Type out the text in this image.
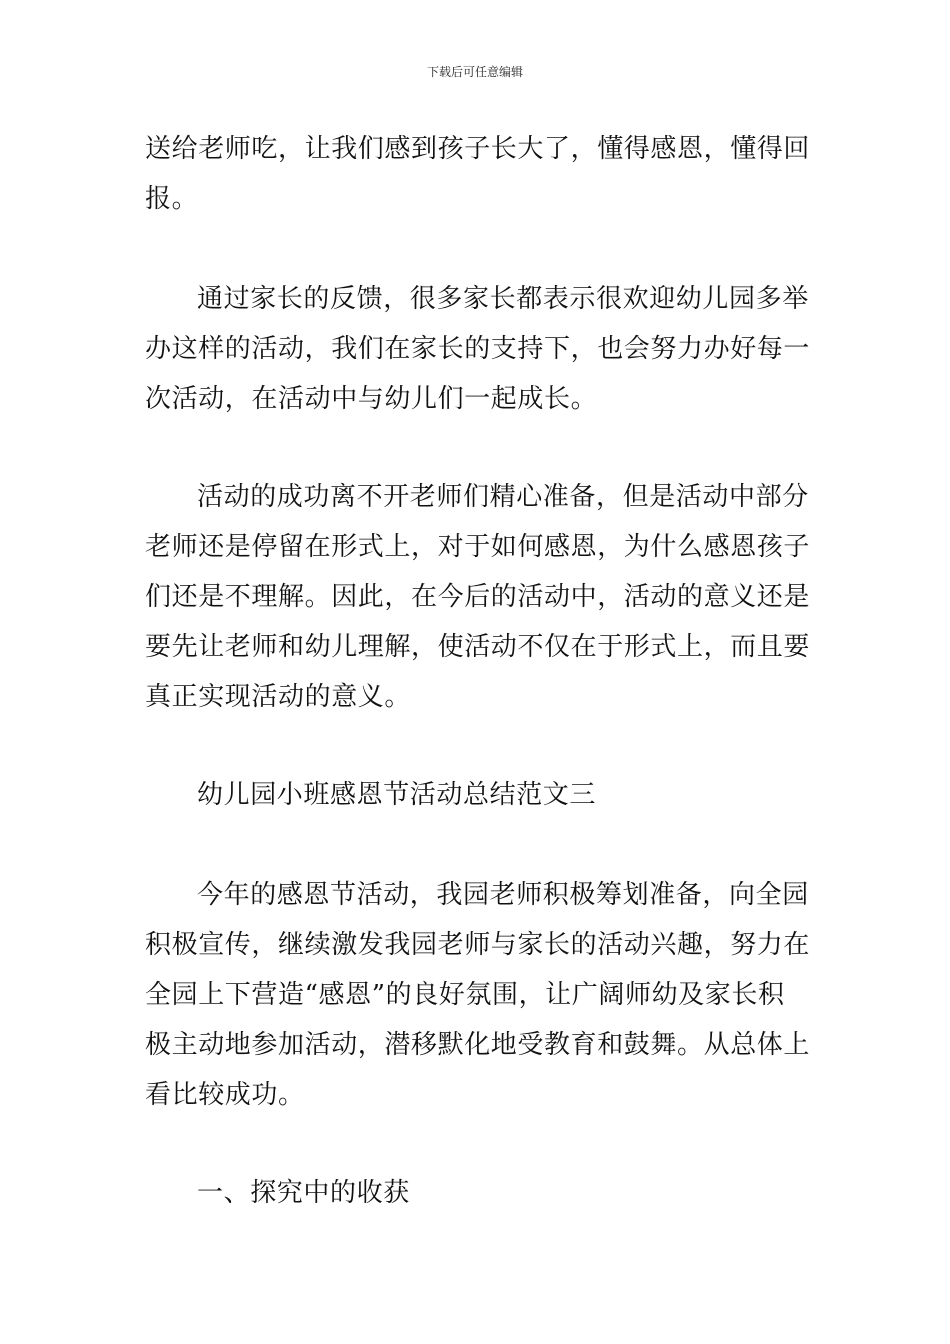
下载后可任意编辑
送给老师吃，让我们感到孩子长大了，懂得感恩，懂得回
报。
通过家长的反馈，很多家长都表示很欢迎幼儿园多举
办这样的活动，我们在家长的支持下，也会努力办好每一
次活动，在活动中与幼儿们一起成长。
活动的成功离不开老师们精心准备，但是活动中部分
老师还是停留在形式上，对于如何感恩，为什么感恩孩子
们还是不理解。因此，在今后的活动中，活动的意义还是
要先让老师和幼儿理解，使活动不仅在于形式上，而且要
真正实现活动的意义。
幼儿园小班感恩节活动总结范文三
今年的感恩节活动，我园老师积极筹划准备，向全园
积极宣传，继续激发我园老师与家长的活动兴趣，努力在
全园上下营造“感恩”的良好氛围，让广阔师幼及家长积
极主动地参加活动，潜移默化地受教育和鼓舞。从总体上
看比较成功。
一、探究中的收获
